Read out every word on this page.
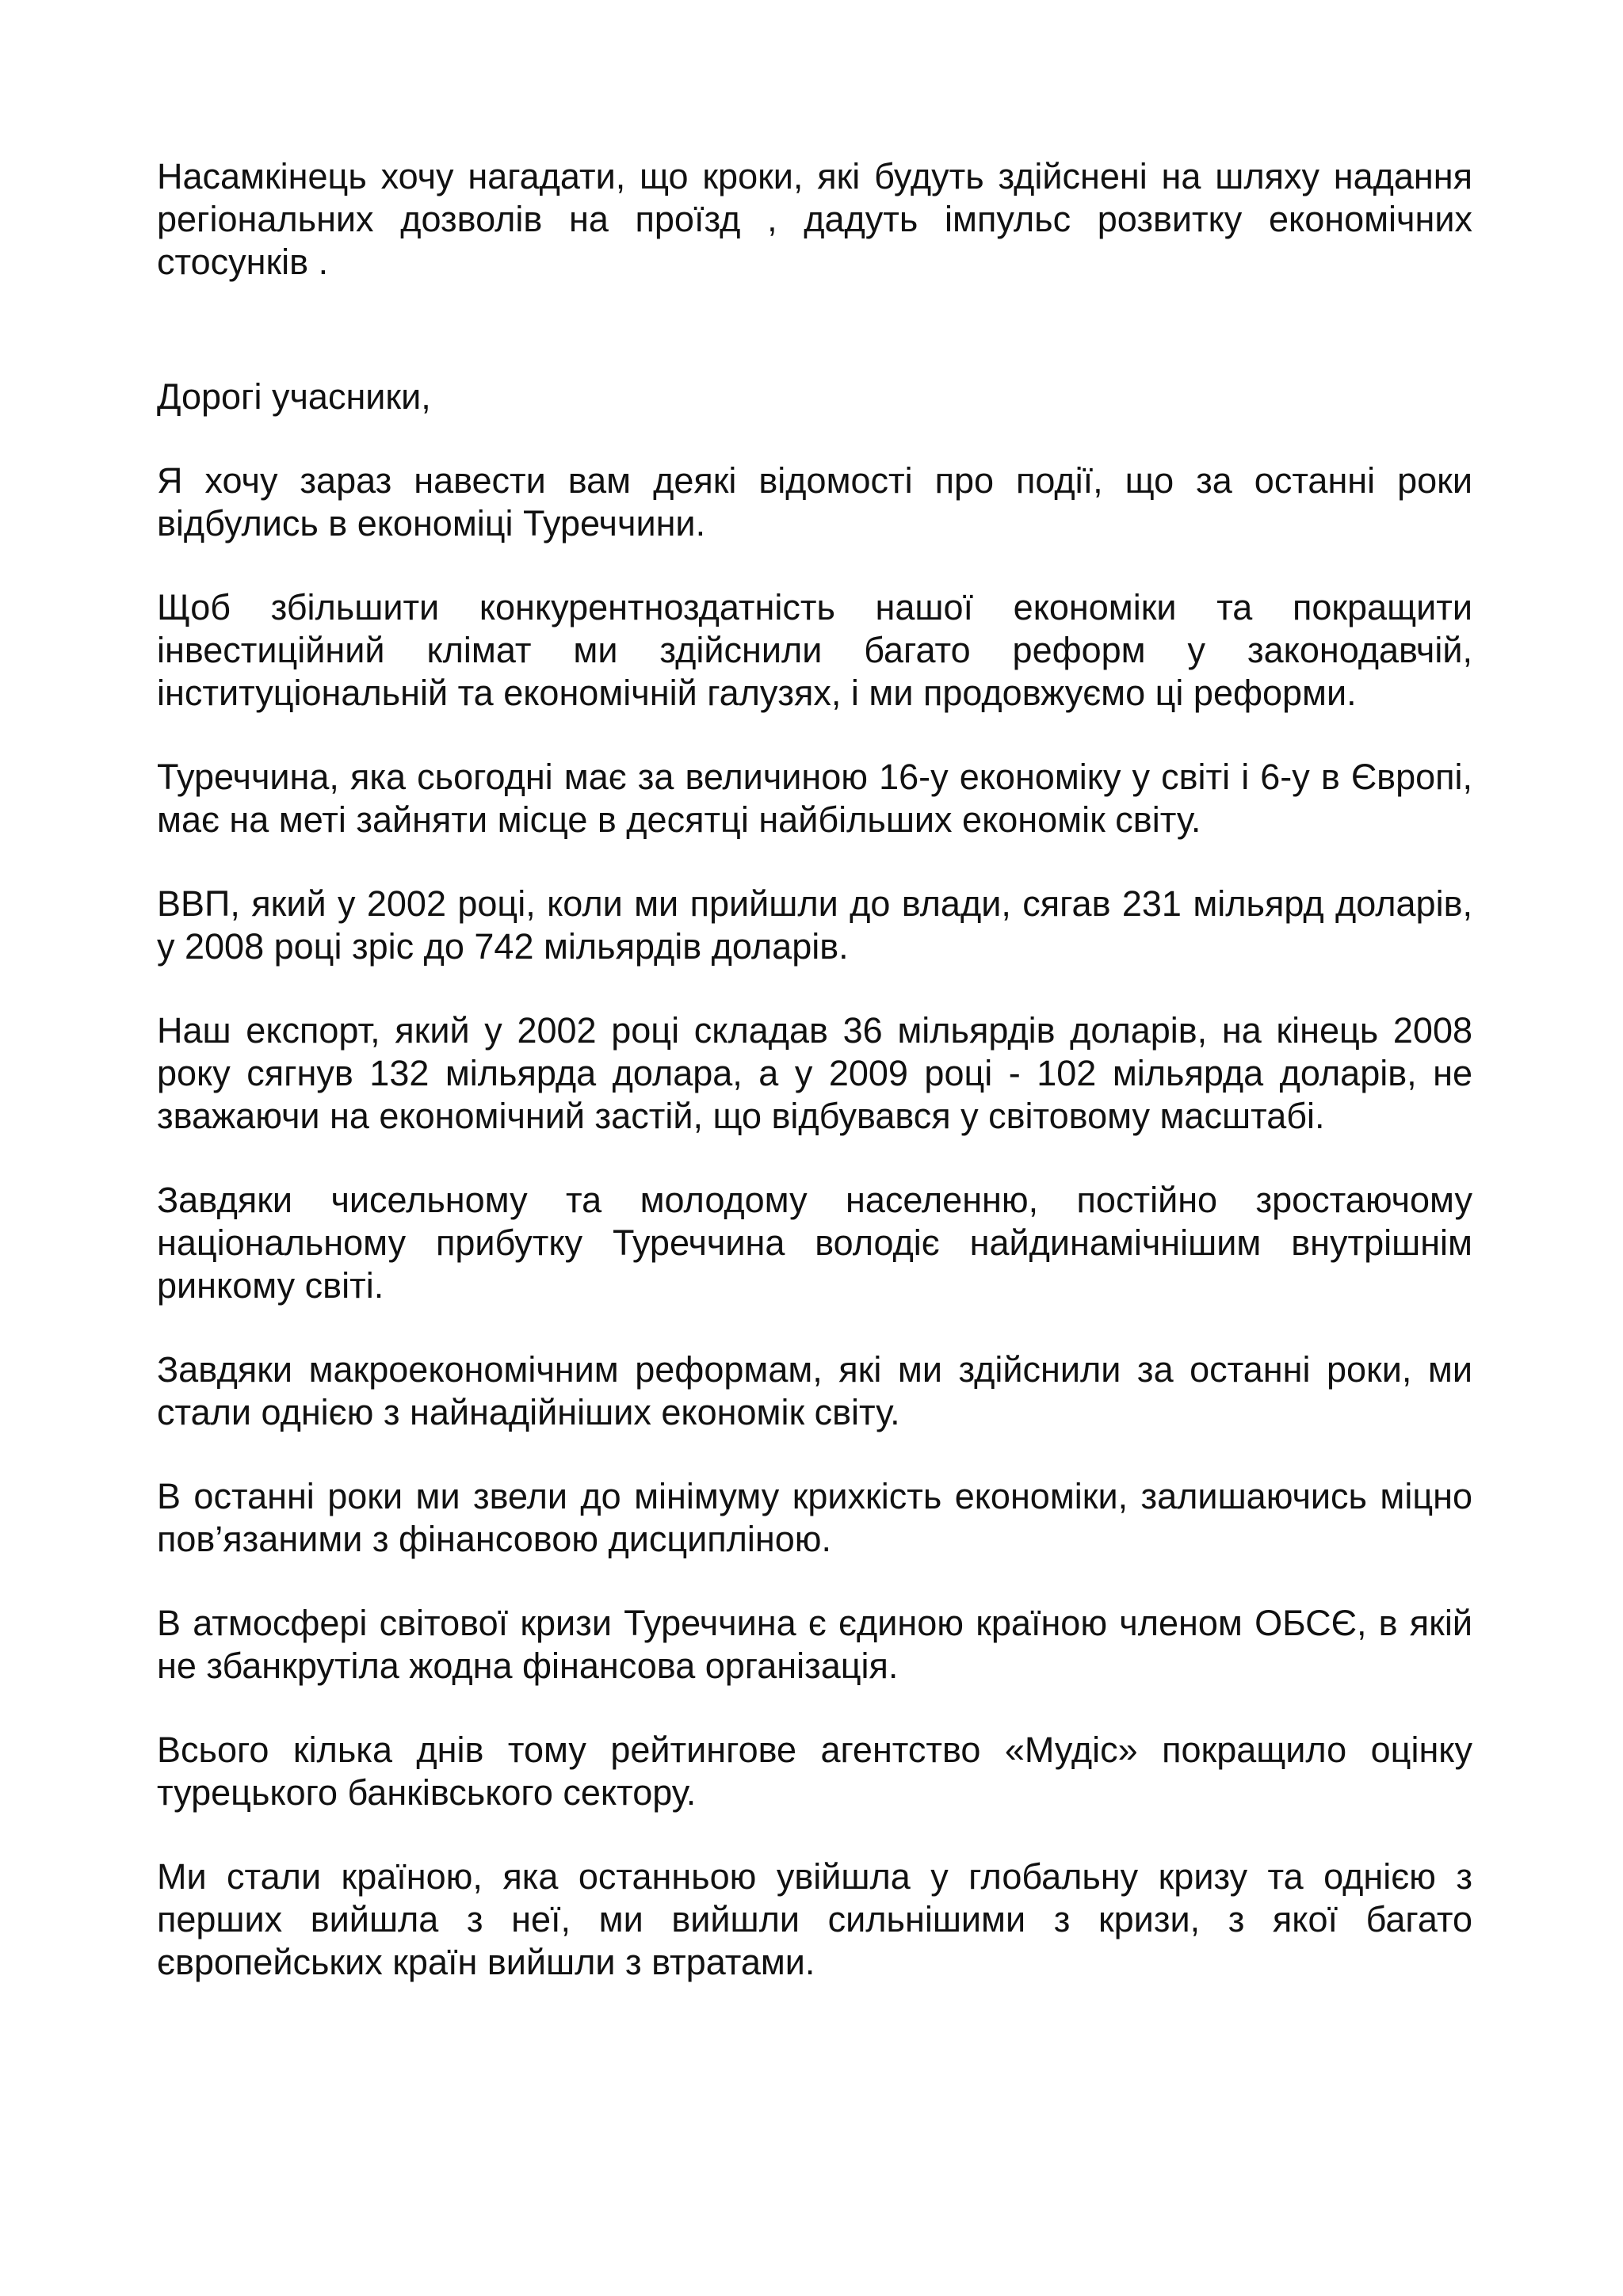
Насамкінець хочу нагадати, що кроки, які будуть здійснені на шляху надання регіональних дозволів на проїзд , дадуть імпульс розвитку економічних стосунків .

Дорогі учасники,

Я хочу зараз навести вам деякі відомості про події, що за останні роки відбулись в економіці Туреччини.

Щоб збільшити конкурентноздатність нашої економіки та покращити інвестиційний клімат ми здійснили багато реформ у законодавчій, інституціональній та економічній галузях, і ми продовжуємо ці реформи.

Туреччина, яка сьогодні має за величиною 16-у економіку у світі і 6-у в Європі, має на меті зайняти місце в десятці найбільших економік світу.

ВВП, який у 2002 році, коли ми прийшли до влади, сягав 231 мільярд доларів, у 2008 році зріс до 742 мільярдів доларів.

Наш експорт, який у 2002 році складав 36 мільярдів доларів, на кінець 2008 року сягнув 132 мільярда долара, а у 2009 році - 102 мільярда доларів, не зважаючи на економічний застій, що відбувався у світовому масштабі.

Завдяки чисельному та молодому населенню, постійно зростаючому національному прибутку Туреччина володіє найдинамічнішим внутрішнім ринкому світі.

Завдяки макроекономічним реформам, які ми здійснили за останні роки, ми стали однією з найнадійніших економік світу.

В останні роки ми звели до мінімуму крихкість економіки, залишаючись міцно пов’язаними з фінансовою дисципліною.

В атмосфері світової кризи Туреччина є єдиною країною членом ОБСЄ, в якій не збанкрутіла жодна фінансова організація.

Всього кілька днів тому рейтингове агентство «Мудіс» покращило оцінку турецького банківського сектору.

Ми стали країною, яка останньою увійшла у глобальну кризу та однією з перших вийшла з неї, ми вийшли сильнішими з кризи, з якої багато європейських країн вийшли з втратами.
